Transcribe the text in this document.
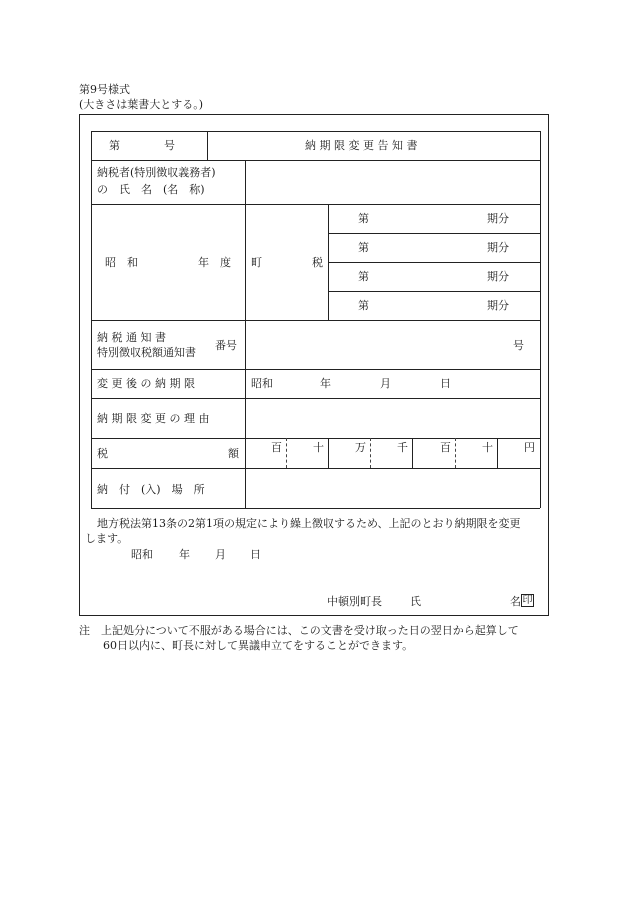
第9号様式
(大きさは葉書大とする。)
第　　　　号	納 期 限 変 更 告 知 書
納税者(特別徴収義務者)
の　氏　名　(名　称)
昭　和	年　度 町	税
第	期分
第	期分
第	期分
第	期分
納 税 通 知 書
特別徴収税額通知書
番号	号
変 更 後 の 納 期 限	昭和	年	月	日
納 期 限 変 更 の 理 由
税	額	百	十	万	千	百	十	円
納　付　(入)　場　所
地方税法第13条の2第1項の規定により繰上徴収するため、上記のとおり納期限を変更
します。
昭和 年 月 日
中頓別町長	氏	名 印
注　上記処分について不服がある場合には、この文書を受け取った日の翌日から起算して
60日以内に、町長に対して異議申立てをすることができます。
